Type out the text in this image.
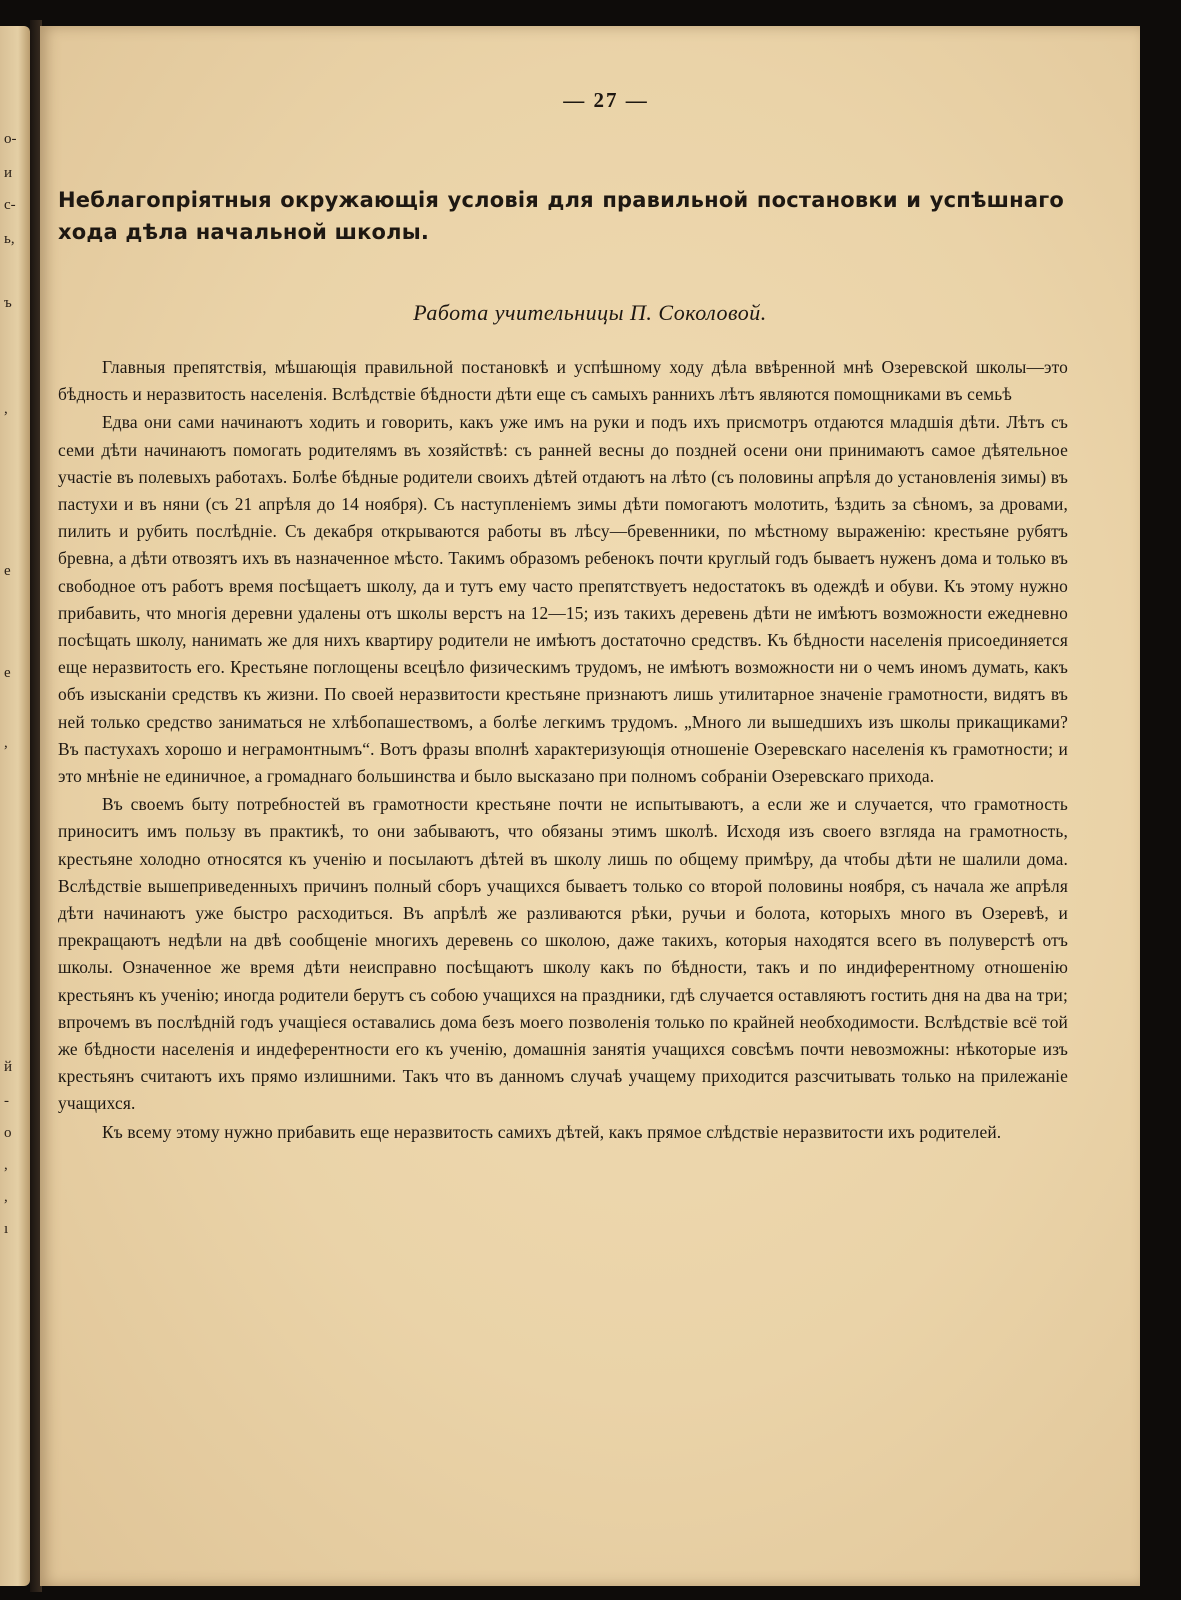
о-
и
с-
ь,
ъ
,
е
е
,
й
-
о
,
,
ı
— 27 —
Неблагопріятныя окружающія условія для правильной постановки и успѣшнаго хода дѣла начальной школы.
Работа учительницы П. Соколовой.

Главныя препятствія, мѣшающія правильной постановкѣ и успѣшному ходу дѣла ввѣренной мнѣ Озеревской школы—это бѣдность и неразвитость населенія. Вслѣдствіе бѣдности дѣти еще съ самыхъ раннихъ лѣтъ являются помощниками въ семьѣ

Едва они сами начинаютъ ходить и говорить, какъ уже имъ на руки и подъ ихъ присмотръ отдаются младшія дѣти. Лѣтъ съ семи дѣти начинаютъ помогать родителямъ въ хозяйствѣ: съ ранней весны до поздней осени они принимаютъ самое дѣятельное участіе въ полевыхъ работахъ. Болѣе бѣдные родители своихъ дѣтей отдаютъ на лѣто (съ половины апрѣля до установленія зимы) въ пастухи и въ няни (съ 21 апрѣля до 14 ноября). Съ наступленіемъ зимы дѣти помогаютъ молотить, ѣздить за сѣномъ, за дровами, пилить и рубить послѣдніе. Съ декабря открываются работы въ лѣсу—бревенники, по мѣстному выраженію: крестьяне рубятъ бревна, а дѣти отвозятъ ихъ въ назначенное мѣсто. Такимъ образомъ ребенокъ почти круглый годъ бываетъ нуженъ дома и только въ свободное отъ работъ время посѣщаетъ школу, да и тутъ ему часто препятствуетъ недостатокъ въ одеждѣ и обуви. Къ этому нужно прибавить, что многія деревни удалены отъ школы верстъ на 12—15; изъ такихъ деревень дѣти не имѣютъ возможности ежедневно посѣщать школу, нанимать же для нихъ квартиру родители не имѣютъ достаточно средствъ. Къ бѣдности населенія присоединяется еще неразвитость его. Крестьяне поглощены всецѣло физическимъ трудомъ, не имѣютъ возможности ни о чемъ иномъ думать, какъ объ изысканіи средствъ къ жизни. По своей неразвитости крестьяне признаютъ лишь утилитарное значеніе грамотности, видятъ въ ней только средство заниматься не хлѣбопашествомъ, а болѣе легкимъ трудомъ. „Много ли вышедшихъ изъ школы прикащиками? Въ пастухахъ хорошо и неграмонтнымъ“. Вотъ фразы вполнѣ характеризующія отношеніе Озеревскаго населенія къ грамотности; и это мнѣніе не единичное, а громаднаго большинства и было высказано при полномъ собраніи Озеревскаго прихода.

Въ своемъ быту потребностей въ грамотности крестьяне почти не испытываютъ, а если же и случается, что грамотность приноситъ имъ пользу въ практикѣ, то они забываютъ, что обязаны этимъ школѣ. Исходя изъ своего взгляда на грамотность, крестьяне холодно относятся къ ученію и посылаютъ дѣтей въ школу лишь по общему примѣру, да чтобы дѣти не шалили дома. Вслѣдствіе вышеприведенныхъ причинъ полный сборъ учащихся бываетъ только со второй половины ноября, съ начала же апрѣля дѣти начинаютъ уже быстро расходиться. Въ апрѣлѣ же разливаются рѣки, ручьи и болота, которыхъ много въ Озеревѣ, и прекращаютъ недѣли на двѣ сообщеніе многихъ деревень со школою, даже такихъ, которыя находятся всего въ полуверстѣ отъ школы. Означенное же время дѣти неисправно посѣщаютъ школу какъ по бѣдности, такъ и по индиферентному отношенію крестьянъ къ ученію; иногда родители берутъ съ собою учащихся на праздники, гдѣ случается оставляютъ гостить дня на два на три; впрочемъ въ послѣдній годъ учащіеся оставались дома безъ моего позволенія только по крайней необходимости. Вслѣдствіе всё той же бѣдности населенія и индеферентности его къ ученію, домашнія занятія учащихся совсѣмъ почти невозможны: нѣкоторые изъ крестьянъ считаютъ ихъ прямо излишними. Такъ что въ данномъ случаѣ учащему приходится разсчитывать только на прилежаніе учащихся.

Къ всему этому нужно прибавить еще неразвитость самихъ дѣтей, какъ прямое слѣдствіе неразвитости ихъ родителей.
